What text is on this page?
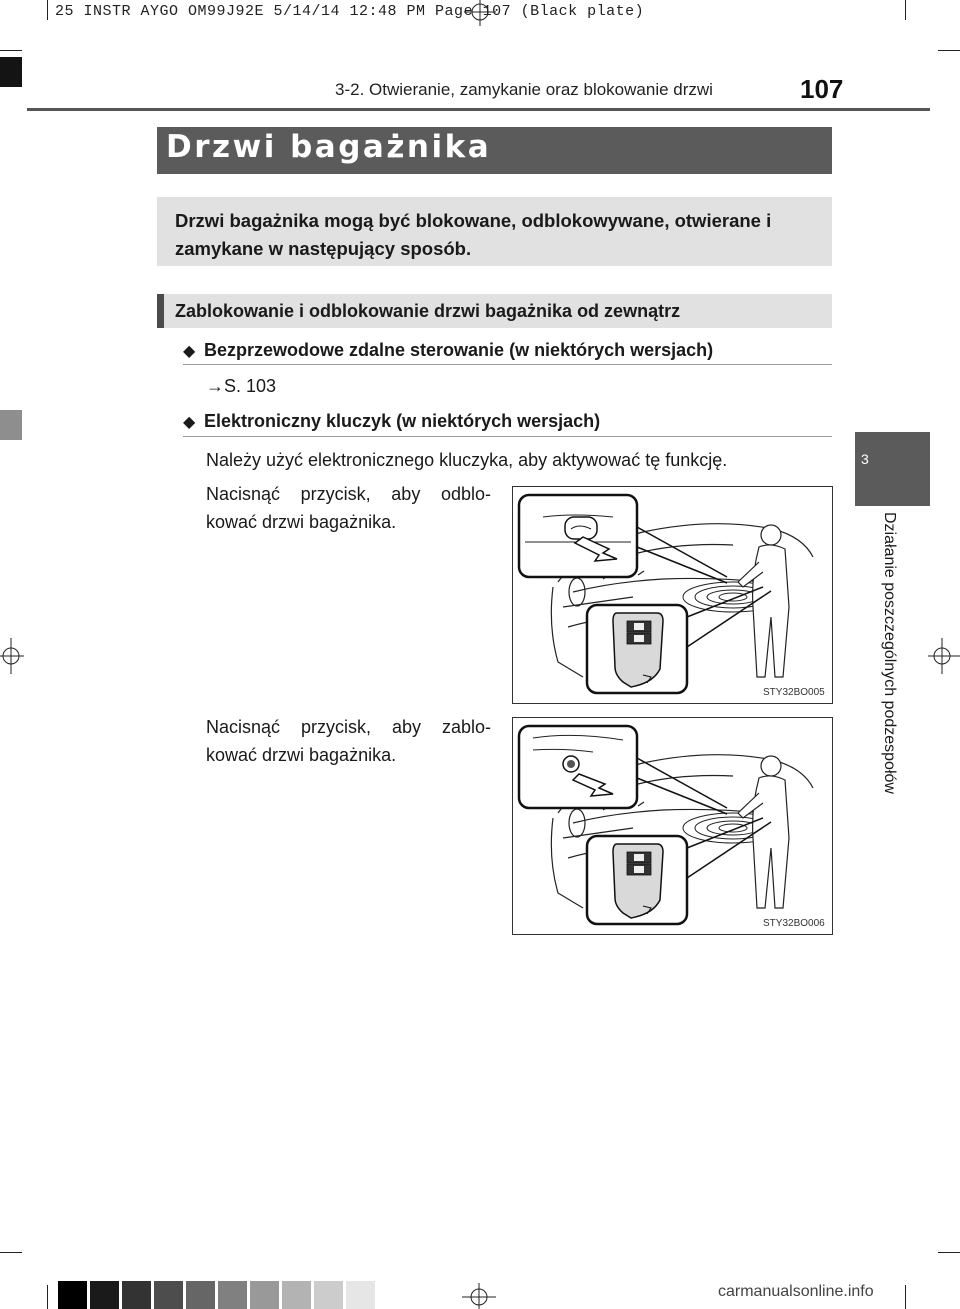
25 INSTR AYGO OM99J92E 5/14/14 12:48 PM Page 107 (Black plate)
3-2. Otwieranie, zamykanie oraz blokowanie drzwi	107
Drzwi bagażnika
Drzwi bagażnika mogą być blokowane, odblokowywane, otwierane i zamykane w następujący sposób.
Zablokowanie i odblokowanie drzwi bagażnika od zewnątrz
◆ Bezprzewodowe zdalne sterowanie (w niektórych wersjach)
→S. 103
◆ Elektroniczny kluczyk (w niektórych wersjach)
Należy użyć elektronicznego kluczyka, aby aktywować tę funkcję.
Nacisnąć przycisk, aby odblo-
kować drzwi bagażnika.
STY32BO005
Nacisnąć przycisk, aby zablo-
kować drzwi bagażnika.
STY32BO006
3
Działanie poszczególnych podzespołów
carmanualsonline.info
